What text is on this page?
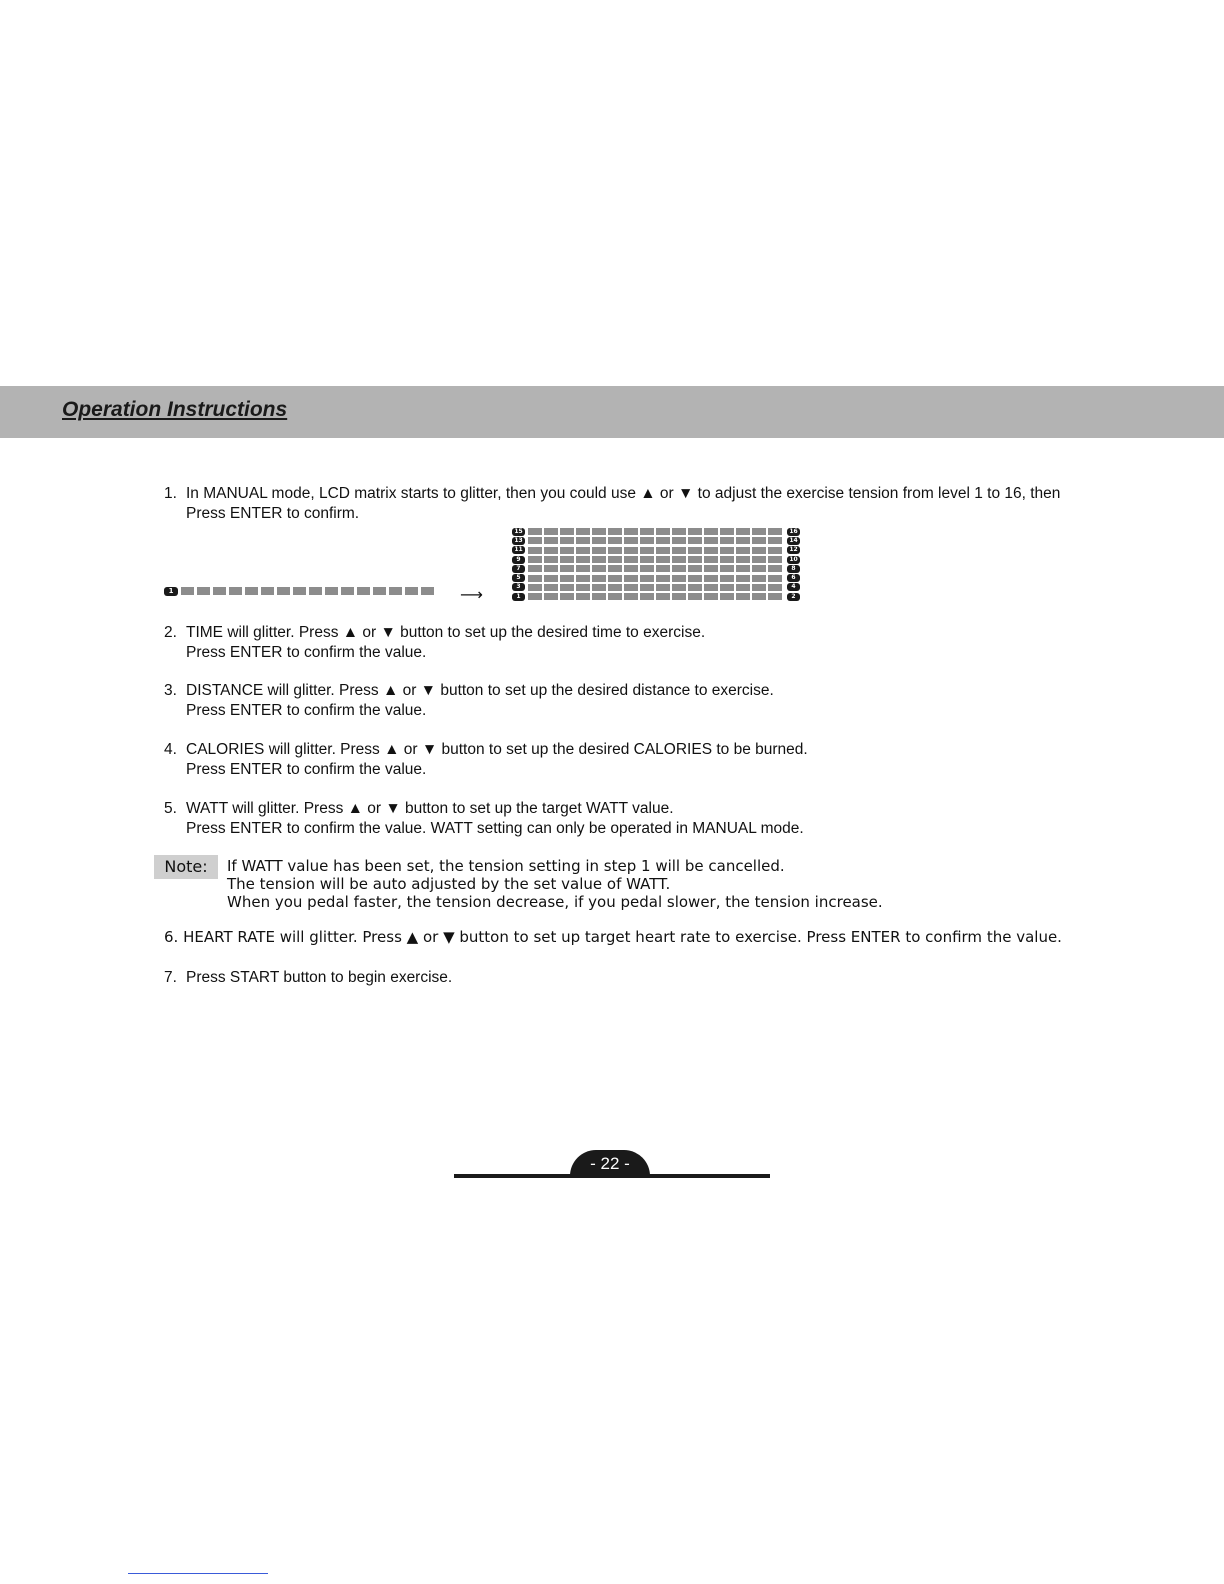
Operation Instructions
1. In MANUAL mode, LCD matrix starts to glitter, then you could use ▲ or ▼ to adjust the exercise tension from level 1 to 16, then
Press ENTER to confirm.
1	⟶
15	16
13	14
11	12
9	10
7	8
5	6
3	4
1	2
2. TIME will glitter. Press ▲ or ▼ button to set up the desired time to exercise.
Press ENTER to confirm the value.
3. DISTANCE will glitter. Press ▲ or ▼ button to set up the desired distance to exercise.
Press ENTER to confirm the value.
4. CALORIES will glitter. Press ▲ or ▼ button to set up the desired CALORIES to be burned.
Press ENTER to confirm the value.
5. WATT will glitter. Press ▲ or ▼ button to set up the target WATT value.
Press ENTER to confirm the value. WATT setting can only be operated in MANUAL mode.
Note:	If WATT value has been set, the tension setting in step 1 will be cancelled.
The tension will be auto adjusted by the set value of WATT.
When you pedal faster, the tension decrease, if you pedal slower, the tension increase.
6. HEART RATE will glitter. Press ▲ or ▼ button to set up target heart rate to exercise. Press ENTER to confirm the value.
7. Press START button to begin exercise.
- 22 -
